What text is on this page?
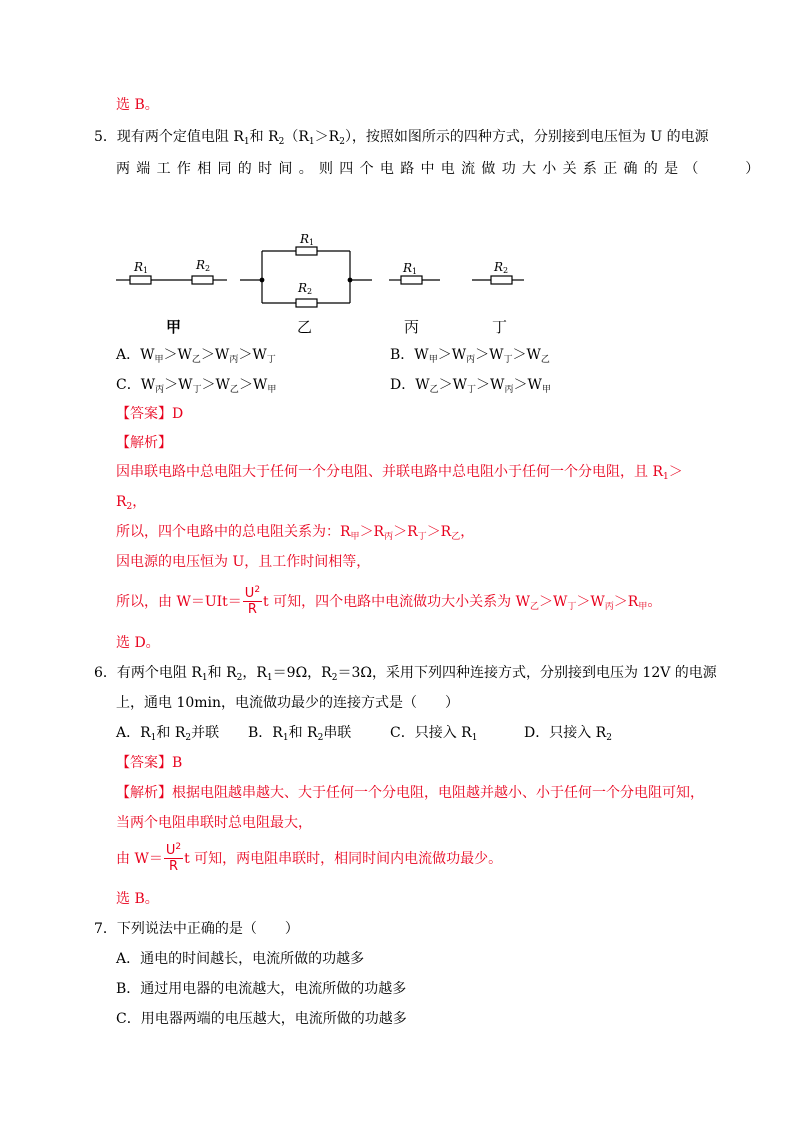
选 B。
5．现有两个定值电阻 $R_1$和 $R_2(R_1>R_2)$，按照如图所示的四种方式，分别接到电压恒为 U 的电源
两端工作相同的时间。则四个电路中电流做功大小关系正确的是（　　）
R1	R2
R1
R2
R1	R2
甲	乙	丙	丁
A．$W_甲>W_乙>W_丙>W_丁$	B．$W_甲>W_丙>W_丁>W_乙$
C．$W_丙>W_丁>W_乙>W_甲$	D．$W_乙>W_丁>W_丙>W_甲$
【答案】D
【解析】
因串联电路中总电阻大于任何一个分电阻、并联电路中总电阻小于任何一个分电阻，且 $R_1>$
$R_2$，
所以，四个电路中的总电阻关系为：$R_甲>R_丙>R_丁>R_乙$，
因电源的电压恒为 U，且工作时间相等，
所以，由 $W=UIt= \frac{U^2}{R}$ t 可知，四个电路中电流做功大小关系为 $W_乙>W_丁>W_丙>R_甲$。
选 D。
6．有两个电阻 $R_1$和 $R_2$，$R_1=9\Omega$，$R_2=3\Omega$，采用下列四种连接方式，分别接到电压为 12V 的电源
上，通电 10min，电流做功最少的连接方式是（　　）
A．$R_1$和 $R_2$并联 B．$R_1$和 $R_2$串联	C．只接入 $R_1$	D．只接入 $R_2$
【答案】B
【解析】根据电阻越串越大、大于任何一个分电阻，电阻越并越小、小于任何一个分电阻可知，
当两个电阻串联时总电阻最大，
由 $W= \frac{U^2}{R}$ t 可知，两电阻串联时，相同时间内电流做功最少。
选 B。
7．下列说法中正确的是（　　）
A．通电的时间越长，电流所做的功越多
B．通过用电器的电流越大，电流所做的功越多
C．用电器两端的电压越大，电流所做的功越多
